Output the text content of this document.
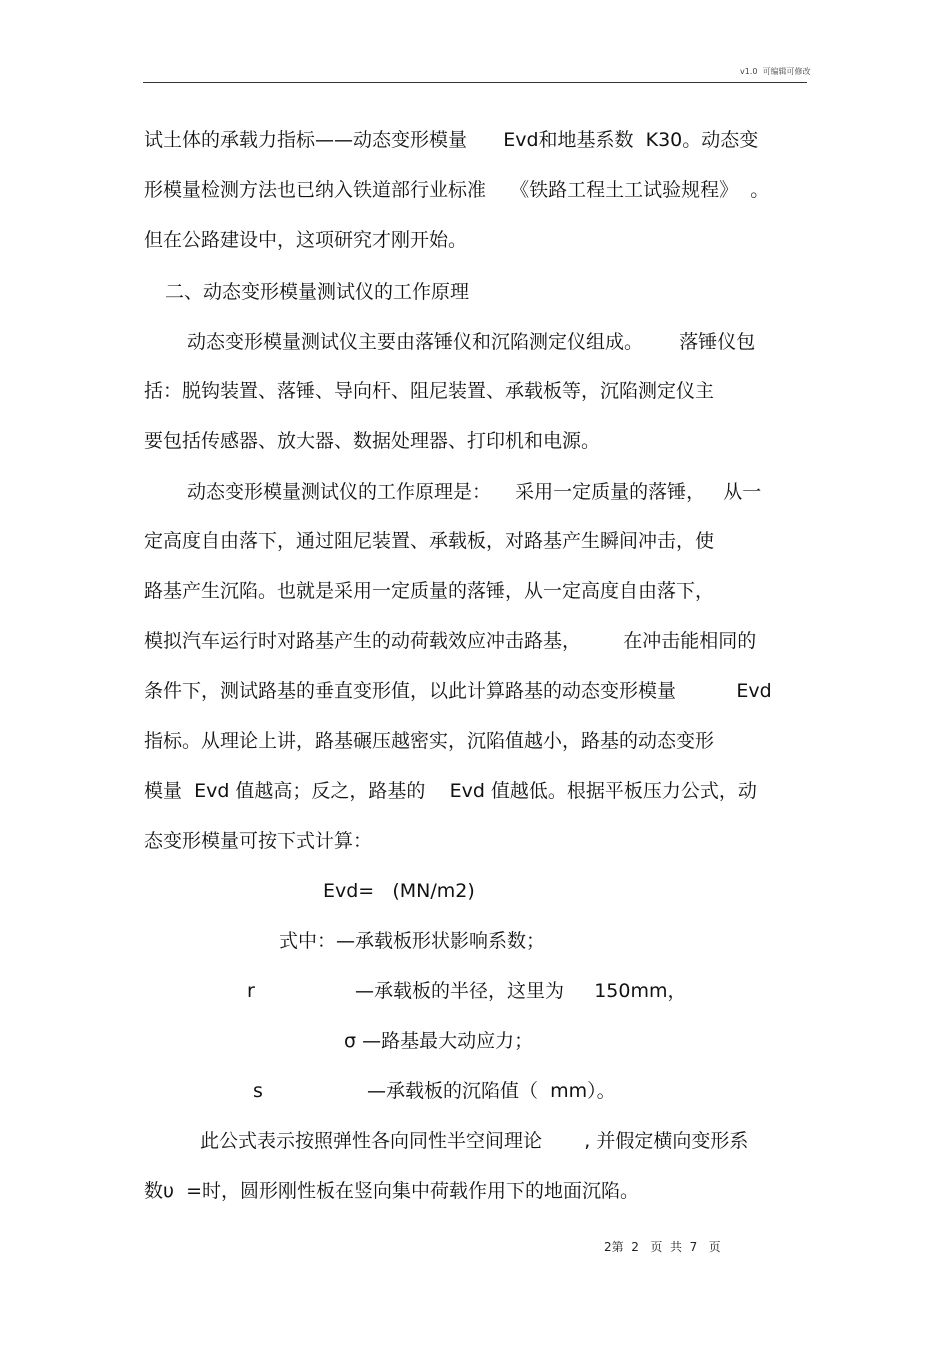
v1.0 可编辑可修改
试土体的承载力指标——动态变形模量      Evd和地基系数  K30。动态变
形模量检测方法也已纳入铁道部行业标准    《铁路工程土工试验规程》  。
但在公路建设中，这项研究才刚开始。
二、动态变形模量测试仪的工作原理
动态变形模量测试仪主要由落锤仪和沉陷测定仪组成。      落锤仪包
括：脱钩装置、落锤、导向杆、阻尼装置、承载板等，沉陷测定仪主
要包括传感器、放大器、数据处理器、打印机和电源。
动态变形模量测试仪的工作原理是：    采用一定质量的落锤，   从一
定高度自由落下，通过阻尼装置、承载板，对路基产生瞬间冲击，使
路基产生沉陷。也就是采用一定质量的落锤，从一定高度自由落下，
模拟汽车运行时对路基产生的动荷载效应冲击路基，       在冲击能相同的
条件下，测试路基的垂直变形值，以此计算路基的动态变形模量          Evd
指标。从理论上讲，路基碾压越密实，沉陷值越小，路基的动态变形
模量  Evd 值越高；反之，路基的    Evd 值越低。根据平板压力公式，动
态变形模量可按下式计算：
Evd=   (MN/m2)
式中：—承载板形状影响系数；
r	—承载板的半径，这里为     150mm，
σ —路基最大动应力；
s	—承载板的沉陷值（  mm）。
此公式表示按照弹性各向同性半空间理论       , 并假定横向变形系
数υ  =时，圆形刚性板在竖向集中荷载作用下的地面沉陷。
2第  2   页  共  7   页
